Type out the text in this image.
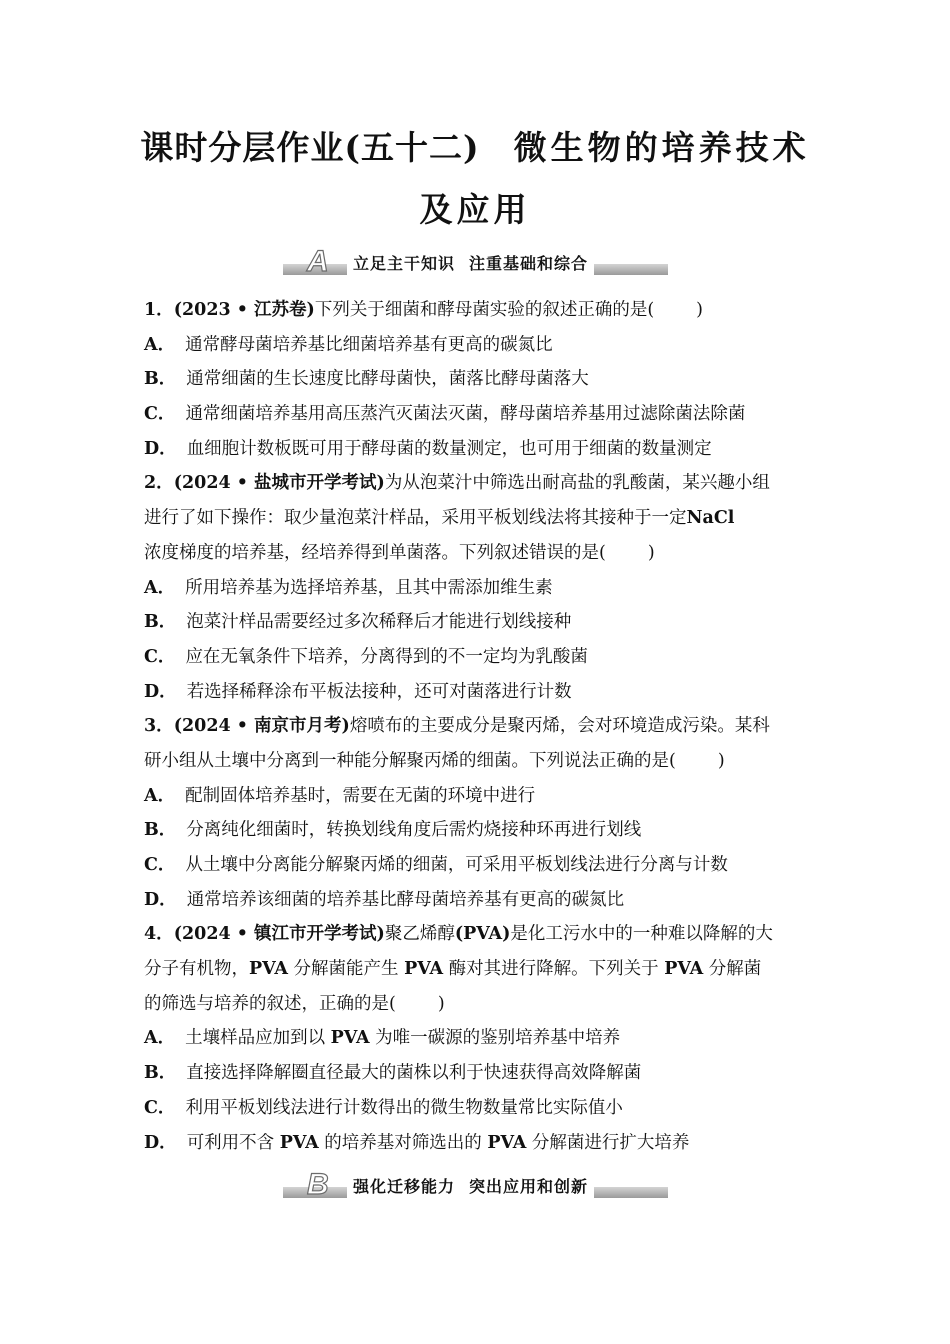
课时分层作业(五十二) 微生物的培养技术
及应用
A	立足主干知识 注重基础和综合
1．(2023 • 江苏卷)下列关于细菌和酵母菌实验的叙述正确的是( )
A． 通常酵母菌培养基比细菌培养基有更高的碳氮比
B． 通常细菌的生长速度比酵母菌快，菌落比酵母菌落大
C． 通常细菌培养基用高压蒸汽灭菌法灭菌，酵母菌培养基用过滤除菌法除菌
D． 血细胞计数板既可用于酵母菌的数量测定，也可用于细菌的数量测定
2．(2024 • 盐城市开学考试)为从泡菜汁中筛选出耐高盐的乳酸菌，某兴趣小组
进行了如下操作：取少量泡菜汁样品，采用平板划线法将其接种于一定NaCl
浓度梯度的培养基，经培养得到单菌落。下列叙述错误的是( )
A． 所用培养基为选择培养基，且其中需添加维生素
B． 泡菜汁样品需要经过多次稀释后才能进行划线接种
C． 应在无氧条件下培养，分离得到的不一定均为乳酸菌
D． 若选择稀释涂布平板法接种，还可对菌落进行计数
3．(2024 • 南京市月考)熔喷布的主要成分是聚丙烯，会对环境造成污染。某科
研小组从土壤中分离到一种能分解聚丙烯的细菌。下列说法正确的是( )
A． 配制固体培养基时，需要在无菌的环境中进行
B． 分离纯化细菌时，转换划线角度后需灼烧接种环再进行划线
C． 从土壤中分离能分解聚丙烯的细菌，可采用平板划线法进行分离与计数
D． 通常培养该细菌的培养基比酵母菌培养基有更高的碳氮比
4．(2024 • 镇江市开学考试)聚乙烯醇(PVA)是化工污水中的一种难以降解的大
分子有机物，PVA 分解菌能产生 PVA 酶对其进行降解。下列关于 PVA 分解菌
的筛选与培养的叙述，正确的是( )
A． 土壤样品应加到以 PVA 为唯一碳源的鉴别培养基中培养
B． 直接选择降解圈直径最大的菌株以利于快速获得高效降解菌
C． 利用平板划线法进行计数得出的微生物数量常比实际值小
D． 可利用不含 PVA 的培养基对筛选出的 PVA 分解菌进行扩大培养
B	强化迁移能力 突出应用和创新
